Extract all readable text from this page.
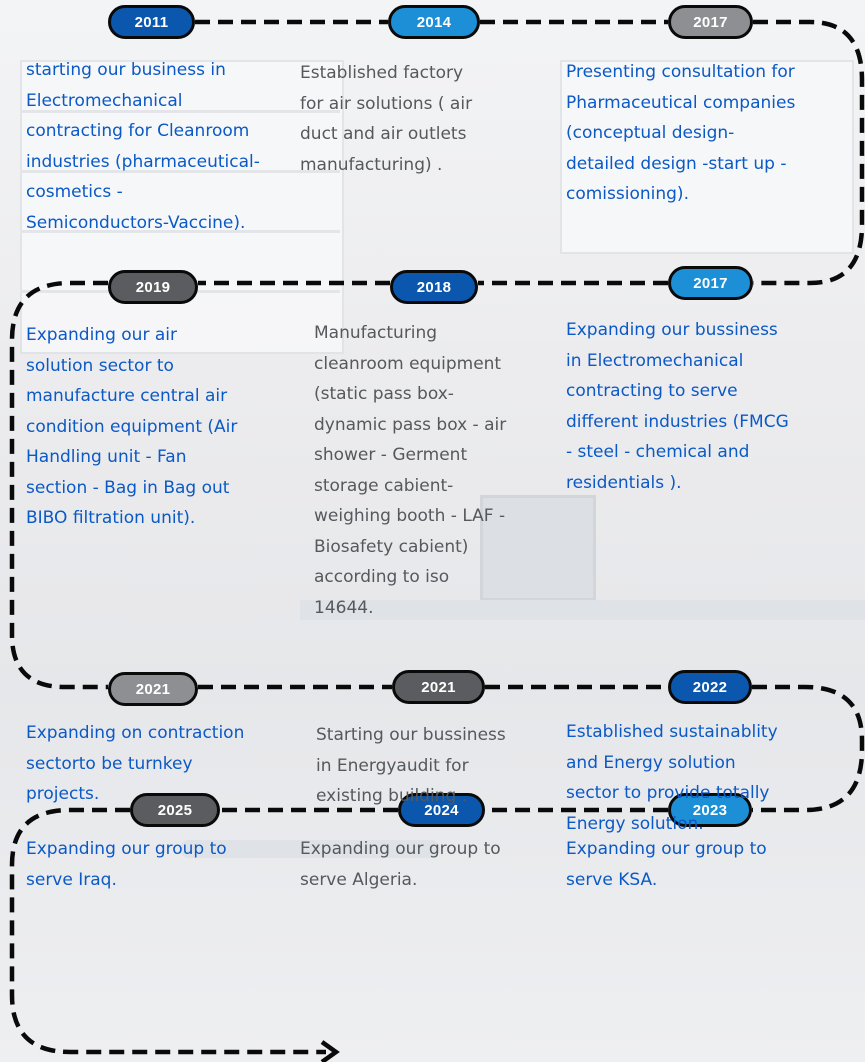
2011	2014	2017
2019	2018	2017
2021	2021	2022
2025	2024	2023
starting our business in
Electromechanical
contracting for Cleanroom
industries (pharmaceutical-
cosmetics -
Semiconductors-Vaccine).
Established factory
for air solutions ( air
duct and air outlets
manufacturing) .
Presenting consultation for
Pharmaceutical companies
(conceptual design-
detailed design -start up -
comissioning).
Expanding our air
solution sector to
manufacture central air
condition equipment (Air
Handling unit - Fan
section - Bag in Bag out
BIBO filtration unit).
Manufacturing
cleanroom equipment
(static pass box-
dynamic pass box - air
shower - Germent
storage cabient-
weighing booth - LAF -
Biosafety cabient)
according to iso
14644.
Expanding our bussiness
in Electromechanical
contracting to serve
different industries (FMCG
- steel - chemical and
residentials ).
Expanding on contraction
sectorto be turnkey
projects.
Starting our bussiness
in Energyaudit for
existing building .
Established sustainablity
and Energy solution
sector to provide totally
Energy solution.
Expanding our group to
serve Iraq.
Expanding our group to
serve Algeria.
Expanding our group to
serve KSA.
